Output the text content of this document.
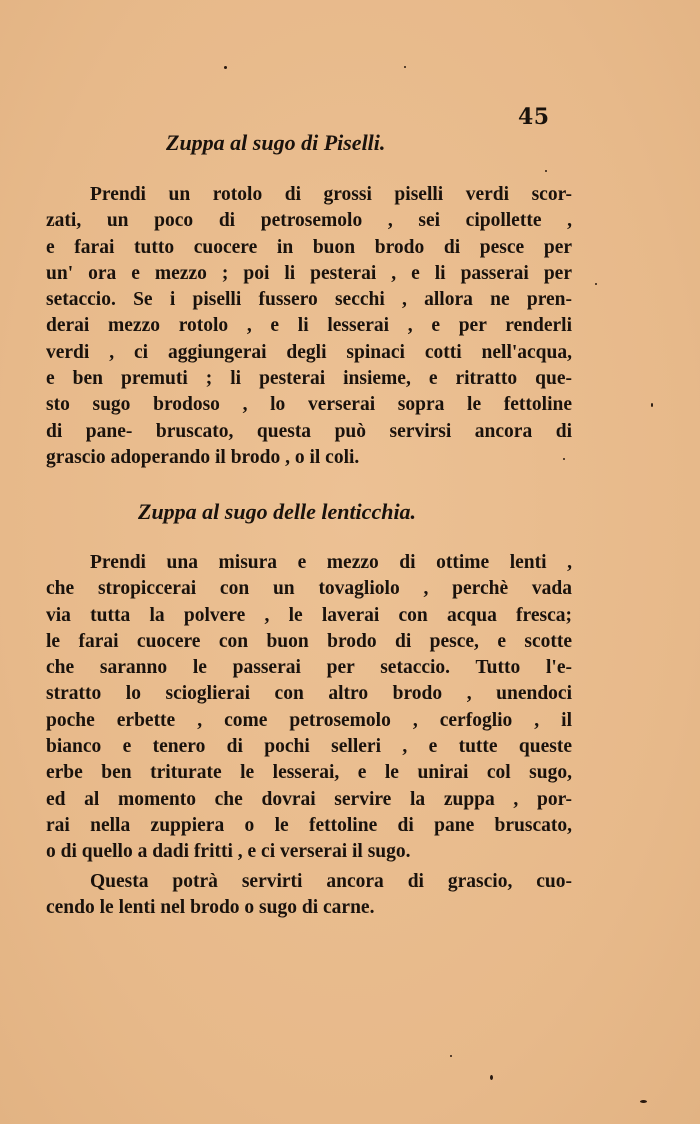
45
Zuppa al sugo di Piselli.
Prendi un rotolo di grossi piselli verdi scor-
zati, un poco di petrosemolo , sei cipollette ,
e farai tutto cuocere in buon brodo di pesce per
un' ora e mezzo ; poi li pesterai , e li passerai per
setaccio. Se i piselli fussero secchi , allora ne pren-
derai mezzo rotolo , e li lesserai , e per renderli
verdi , ci aggiungerai degli spinaci cotti nell'acqua,
e ben premuti ; li pesterai insieme, e ritratto que-
sto sugo brodoso , lo verserai sopra le fettoline
di pane- bruscato, questa può servirsi ancora di
grascio adoperando il brodo , o il coli.
Zuppa al sugo delle lenticchia.
Prendi una misura e mezzo di ottime lenti ,
che stropiccerai con un tovagliolo , perchè vada
via tutta la polvere , le laverai con acqua fresca;
le farai cuocere con buon brodo di pesce, e scotte
che saranno le passerai per setaccio. Tutto l'e-
stratto lo scioglierai con altro brodo , unendoci
poche erbette , come petrosemolo , cerfoglio , il
bianco e tenero di pochi selleri , e tutte queste
erbe ben triturate le lesserai, e le unirai col sugo,
ed al momento che dovrai servire la zuppa , por-
rai nella zuppiera o le fettoline di pane bruscato,
o di quello a dadi fritti , e ci verserai il sugo.
Questa potrà servirti ancora di grascio, cuo-
cendo le lenti nel brodo o sugo di carne.
